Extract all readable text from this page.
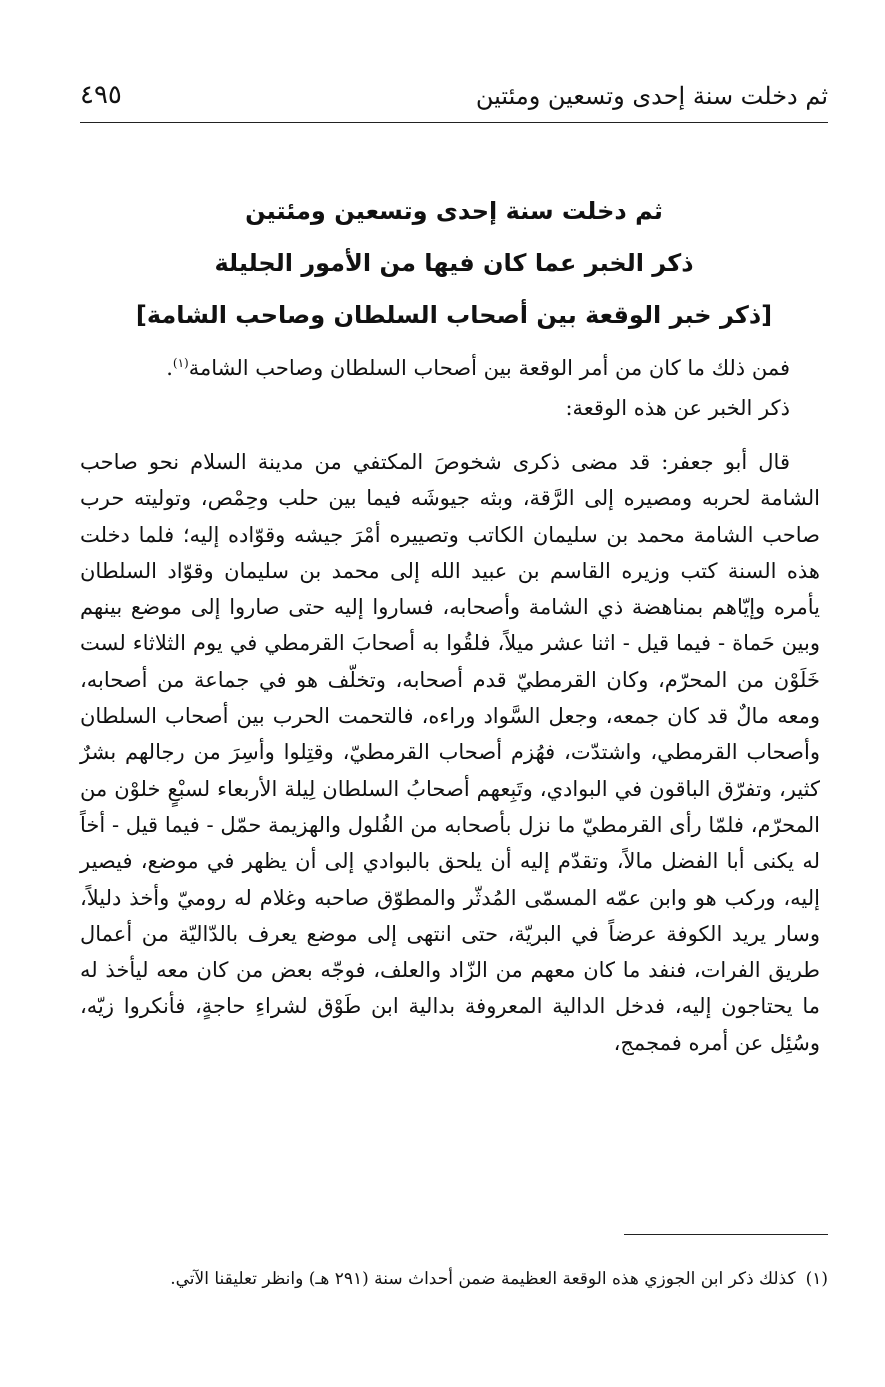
ثم دخلت سنة إحدى وتسعين ومئتين
٤٩٥
ثم دخلت سنة إحدى وتسعين ومئتين
ذكر الخبر عما كان فيها من الأمور الجليلة
[ذكر خبر الوقعة بين أصحاب السلطان وصاحب الشامة]

فمن ذلك ما كان من أمر الوقعة بين أصحاب السلطان وصاحب الشامة$^{(١)}$.

ذكر الخبر عن هذه الوقعة:

قال أبو جعفر: قد مضى ذكرى شخوصَ المكتفي من مدينة السلام نحو صاحب الشامة لحربه ومصيره إلى الرَّقة، وبثه جيوشَه فيما بين حلب وحِمْص، وتوليته حرب صاحب الشامة محمد بن سليمان الكاتب وتصييره أمْرَ جيشه وقوّاده إليه؛ فلما دخلت هذه السنة كتب وزيره القاسم بن عبيد الله إلى محمد بن سليمان وقوّاد السلطان يأمره وإيّاهم بمناهضة ذي الشامة وأصحابه، فساروا إليه حتى صاروا إلى موضع بينهم وبين حَماة - فيما قيل - اثنا عشر ميلاً، فلقُوا به أصحابَ القرمطي في يوم الثلاثاء لست خَلَوْن من المحرّم، وكان القرمطيّ قدم أصحابه، وتخلّف هو في جماعة من أصحابه، ومعه مالٌ قد كان جمعه، وجعل السَّواد وراءه، فالتحمت الحرب بين أصحاب السلطان وأصحاب القرمطي، واشتدّت، فهُزم أصحاب القرمطيّ، وقتِلوا وأسِرَ من رجالهم بشرٌ كثير، وتفرّق الباقون في البوادي، وتَبِعهم أصحابُ السلطان لِيلة الأربعاء لسبْعٍ خلوْن من المحرّم، فلمّا رأى القرمطيّ ما نزل بأصحابه من الفُلول والهزيمة حمّل - فيما قيل - أخاً له يكنى أبا الفضل مالاً، وتقدّم إليه أن يلحق بالبوادي إلى أن يظهر في موضع، فيصير إليه، وركب هو وابن عمّه المسمّى المُدثّر والمطوّق صاحبه وغلام له روميّ وأخذ دليلاً، وسار يريد الكوفة عرضاً في البريّة، حتى انتهى إلى موضع يعرف بالدّاليّة من أعمال طريق الفرات، فنفد ما كان معهم من الزّاد والعلف، فوجّه بعض من كان معه ليأخذ له ما يحتاجون إليه، فدخل الدالية المعروفة بدالية ابن طَوْق لشراءِ حاجةٍ، فأنكروا زيّه، وسُئِل عن أمره فمجمج،

(١)كذلك ذكر ابن الجوزي هذه الوقعة العظيمة ضمن أحداث سنة (٢٩١ هـ) وانظر تعليقنا الآتي.
